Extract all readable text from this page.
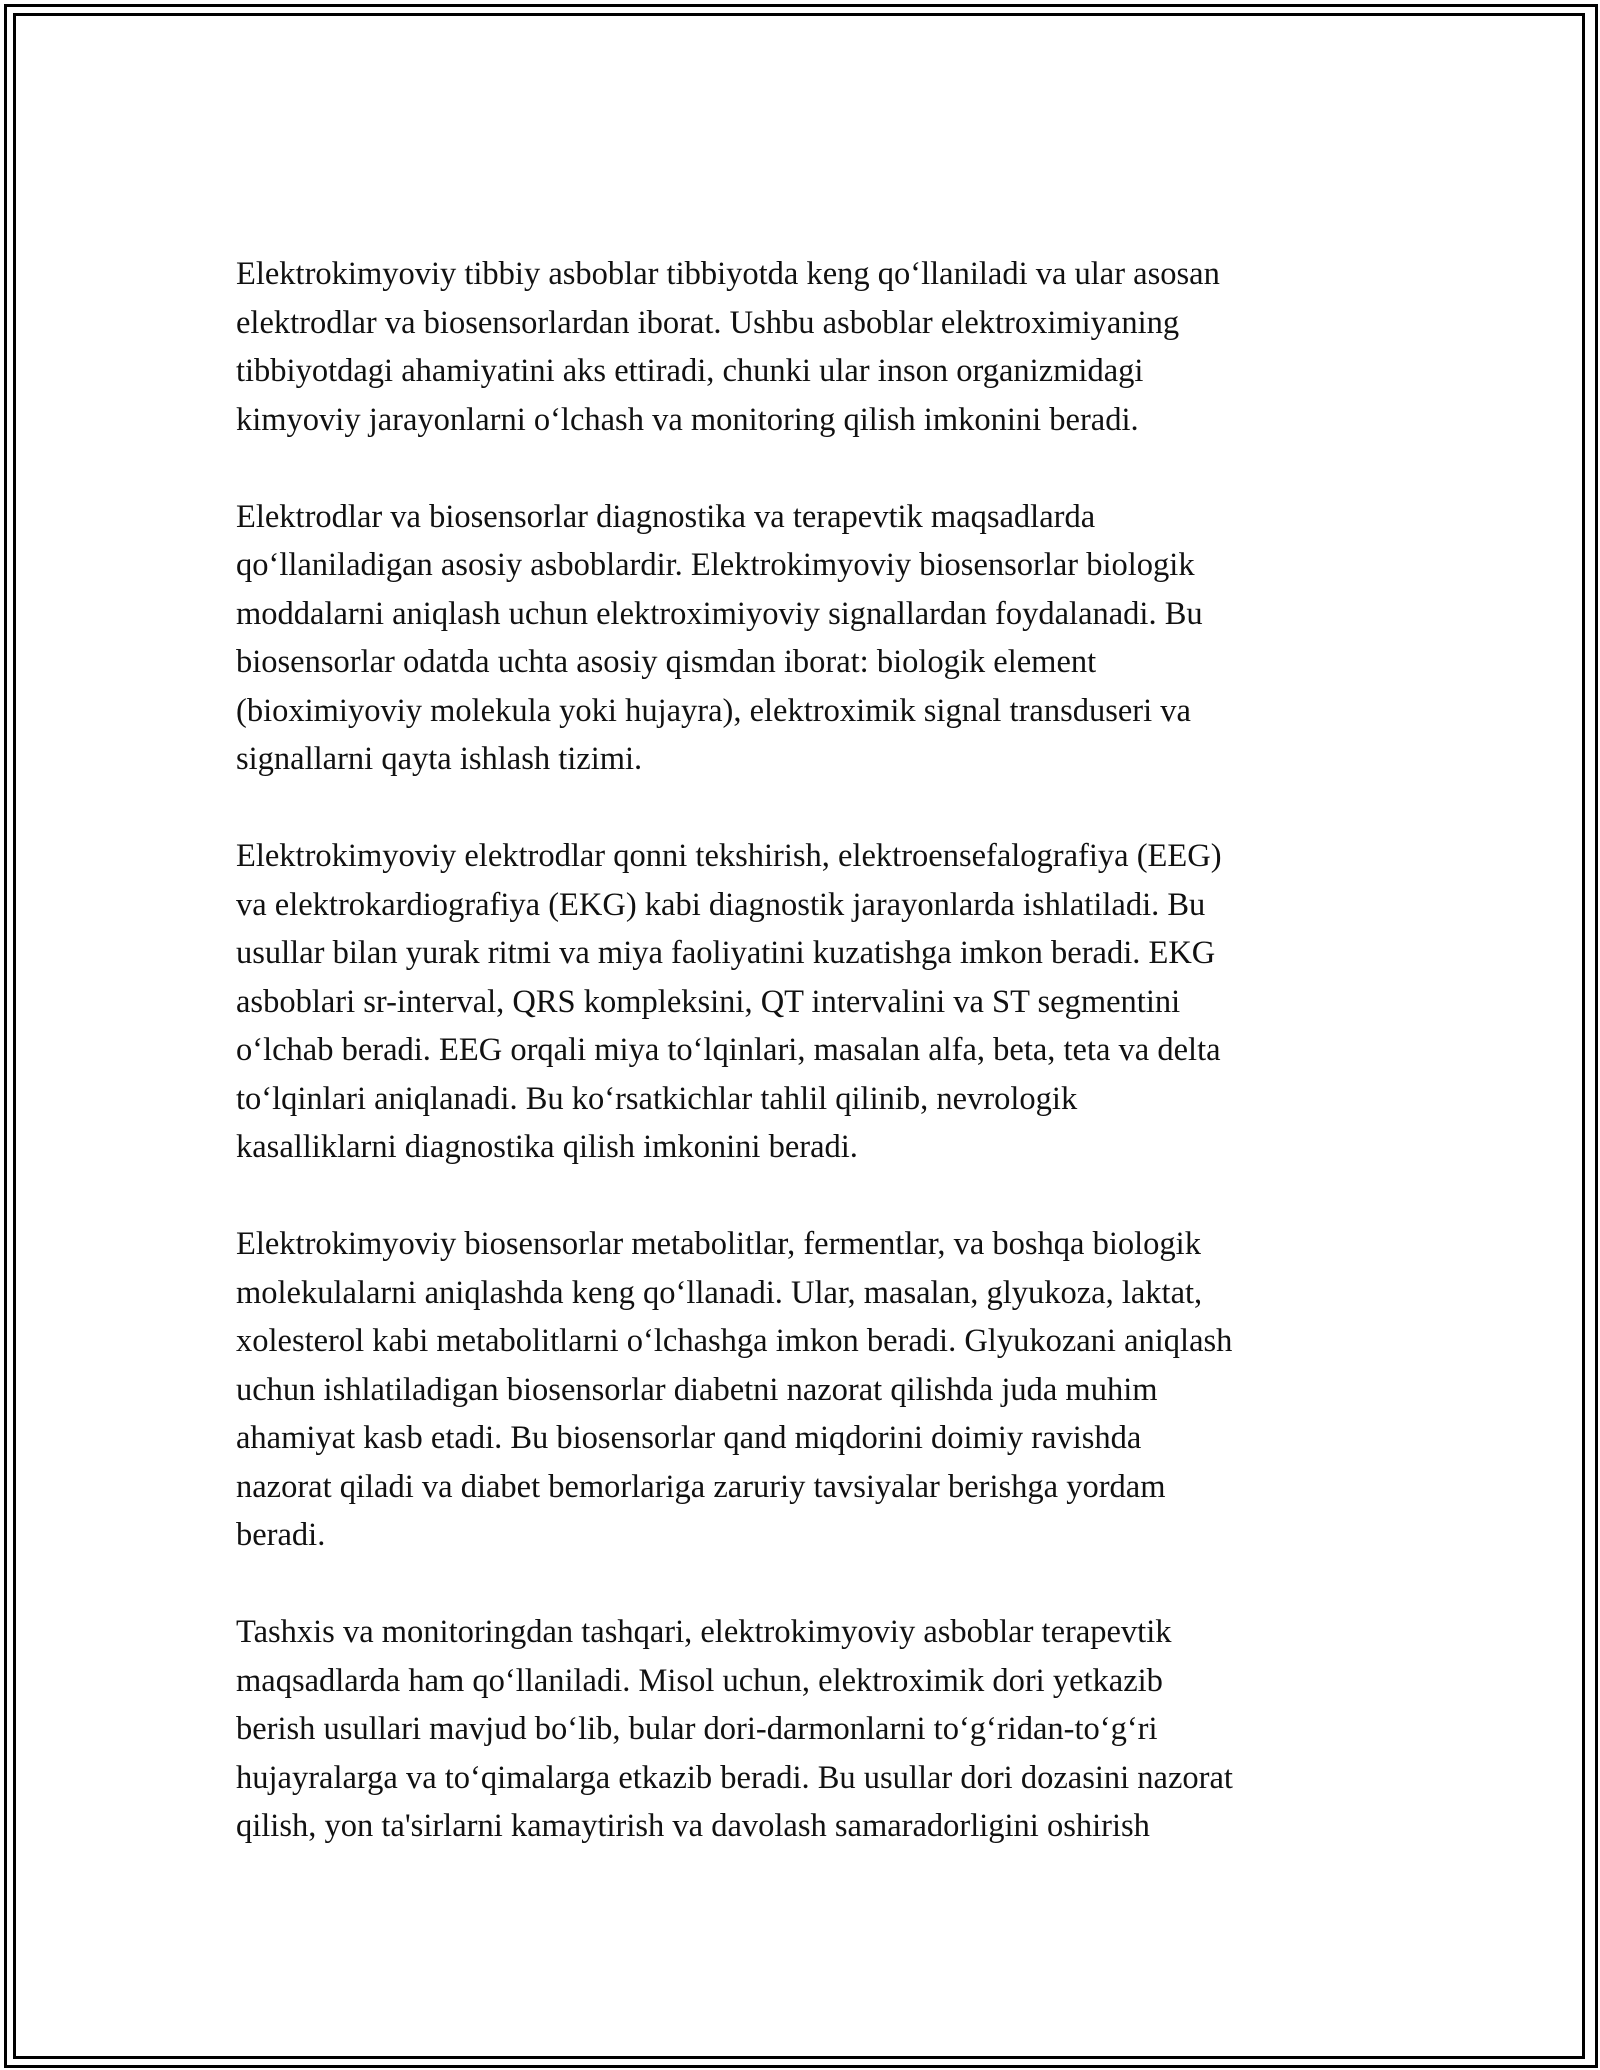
Elektrokimyoviy tibbiy asboblar tibbiyotda keng qo‘llaniladi va ular asosan
elektrodlar va biosensorlardan iborat. Ushbu asboblar elektroximiyaning
tibbiyotdagi ahamiyatini aks ettiradi, chunki ular inson organizmidagi
kimyoviy jarayonlarni o‘lchash va monitoring qilish imkonini beradi.

Elektrodlar va biosensorlar diagnostika va terapevtik maqsadlarda
qo‘llaniladigan asosiy asboblardir. Elektrokimyoviy biosensorlar biologik
moddalarni aniqlash uchun elektroximiyoviy signallardan foydalanadi. Bu
biosensorlar odatda uchta asosiy qismdan iborat: biologik element
(bioximiyoviy molekula yoki hujayra), elektroximik signal transduseri va
signallarni qayta ishlash tizimi.

Elektrokimyoviy elektrodlar qonni tekshirish, elektroensefalografiya (EEG)
va elektrokardiografiya (EKG) kabi diagnostik jarayonlarda ishlatiladi. Bu
usullar bilan yurak ritmi va miya faoliyatini kuzatishga imkon beradi. EKG
asboblari sr-interval, QRS kompleksini, QT intervalini va ST segmentini
o‘lchab beradi. EEG orqali miya to‘lqinlari, masalan alfa, beta, teta va delta
to‘lqinlari aniqlanadi. Bu ko‘rsatkichlar tahlil qilinib, nevrologik
kasalliklarni diagnostika qilish imkonini beradi.

Elektrokimyoviy biosensorlar metabolitlar, fermentlar, va boshqa biologik
molekulalarni aniqlashda keng qo‘llanadi. Ular, masalan, glyukoza, laktat,
xolesterol kabi metabolitlarni o‘lchashga imkon beradi. Glyukozani aniqlash
uchun ishlatiladigan biosensorlar diabetni nazorat qilishda juda muhim
ahamiyat kasb etadi. Bu biosensorlar qand miqdorini doimiy ravishda
nazorat qiladi va diabet bemorlariga zaruriy tavsiyalar berishga yordam
beradi.

Tashxis va monitoringdan tashqari, elektrokimyoviy asboblar terapevtik
maqsadlarda ham qo‘llaniladi. Misol uchun, elektroximik dori yetkazib
berish usullari mavjud bo‘lib, bular dori-darmonlarni to‘g‘ridan-to‘g‘ri
hujayralarga va to‘qimalarga etkazib beradi. Bu usullar dori dozasini nazorat
qilish, yon ta'sirlarni kamaytirish va davolash samaradorligini oshirish
